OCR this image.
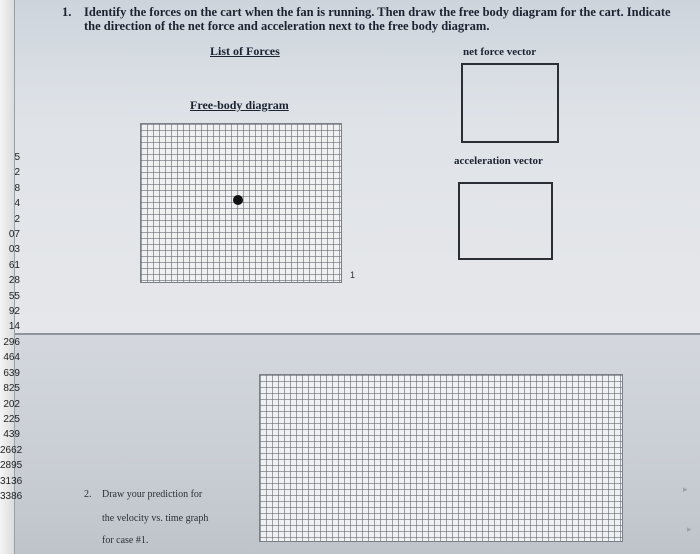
5
2
8
4
2
07
03
61
28
55
92
14
296
464
639
825
202
225
439
2662
2895
3136
3386
1. Identify the forces on the cart when the fan is running. Then draw the free body diagram for the cart. Indicate the direction of the net force and acceleration next to the free body diagram.
List of Forces	net force vector
Free-body diagram
acceleration vector
1
2. Draw your prediction for
the velocity vs. time graph
for case #1.
▸
▸
